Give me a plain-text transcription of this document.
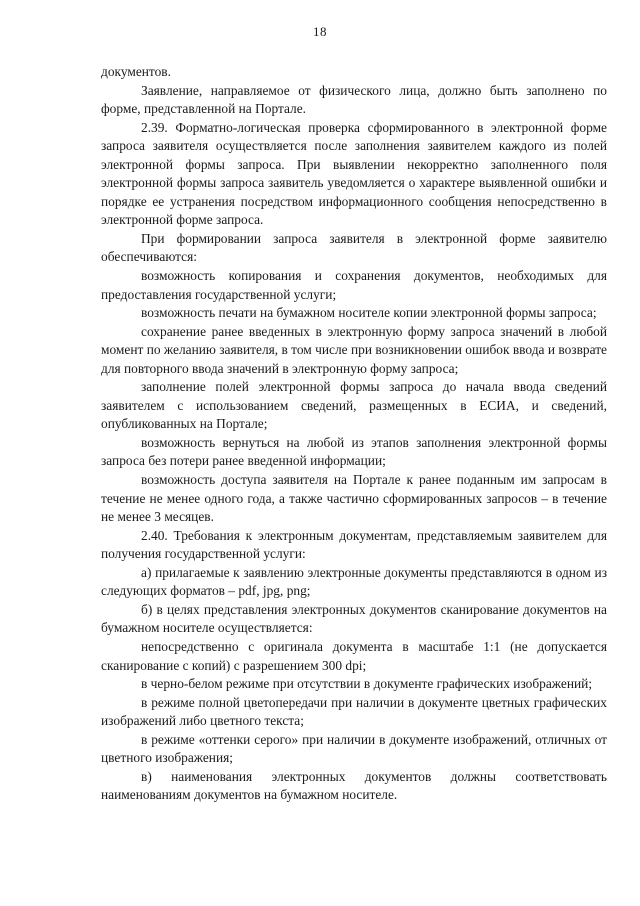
18

документов.

Заявление, направляемое от физического лица, должно быть заполнено по форме, представленной на Портале.

2.39. Форматно-логическая проверка сформированного в электронной форме запроса заявителя осуществляется после заполнения заявителем каждого из полей электронной формы запроса. При выявлении некорректно заполненного поля электронной формы запроса заявитель уведомляется о характере выявленной ошибки и порядке ее устранения посредством информационного сообщения непосредственно в электронной форме запроса.

При формировании запроса заявителя в электронной форме заявителю обеспечиваются:

возможность копирования и сохранения документов, необходимых для предоставления государственной услуги;

возможность печати на бумажном носителе копии электронной формы запроса;

сохранение ранее введенных в электронную форму запроса значений в любой момент по желанию заявителя, в том числе при возникновении ошибок ввода и возврате для повторного ввода значений в электронную форму запроса;

заполнение полей электронной формы запроса до начала ввода сведений заявителем с использованием сведений, размещенных в ЕСИА, и сведений, опубликованных на Портале;

возможность вернуться на любой из этапов заполнения электронной формы запроса без потери ранее введенной информации;

возможность доступа заявителя на Портале к ранее поданным им запросам в течение не менее одного года, а также частично сформированных запросов – в течение не менее 3 месяцев.

2.40. Требования к электронным документам, представляемым заявителем для получения государственной услуги:

а) прилагаемые к заявлению электронные документы представляются в одном из следующих форматов – pdf, jpg, png;

б) в целях представления электронных документов сканирование документов на бумажном носителе осуществляется:

непосредственно с оригинала документа в масштабе 1:1 (не допускается сканирование с копий) с разрешением 300 dpi;

в черно-белом режиме при отсутствии в документе графических изображений;

в режиме полной цветопередачи при наличии в документе цветных графических изображений либо цветного текста;

в режиме «оттенки серого» при наличии в документе изображений, отличных от цветного изображения;

в) наименования электронных документов должны соответствовать наименованиям документов на бумажном носителе.
